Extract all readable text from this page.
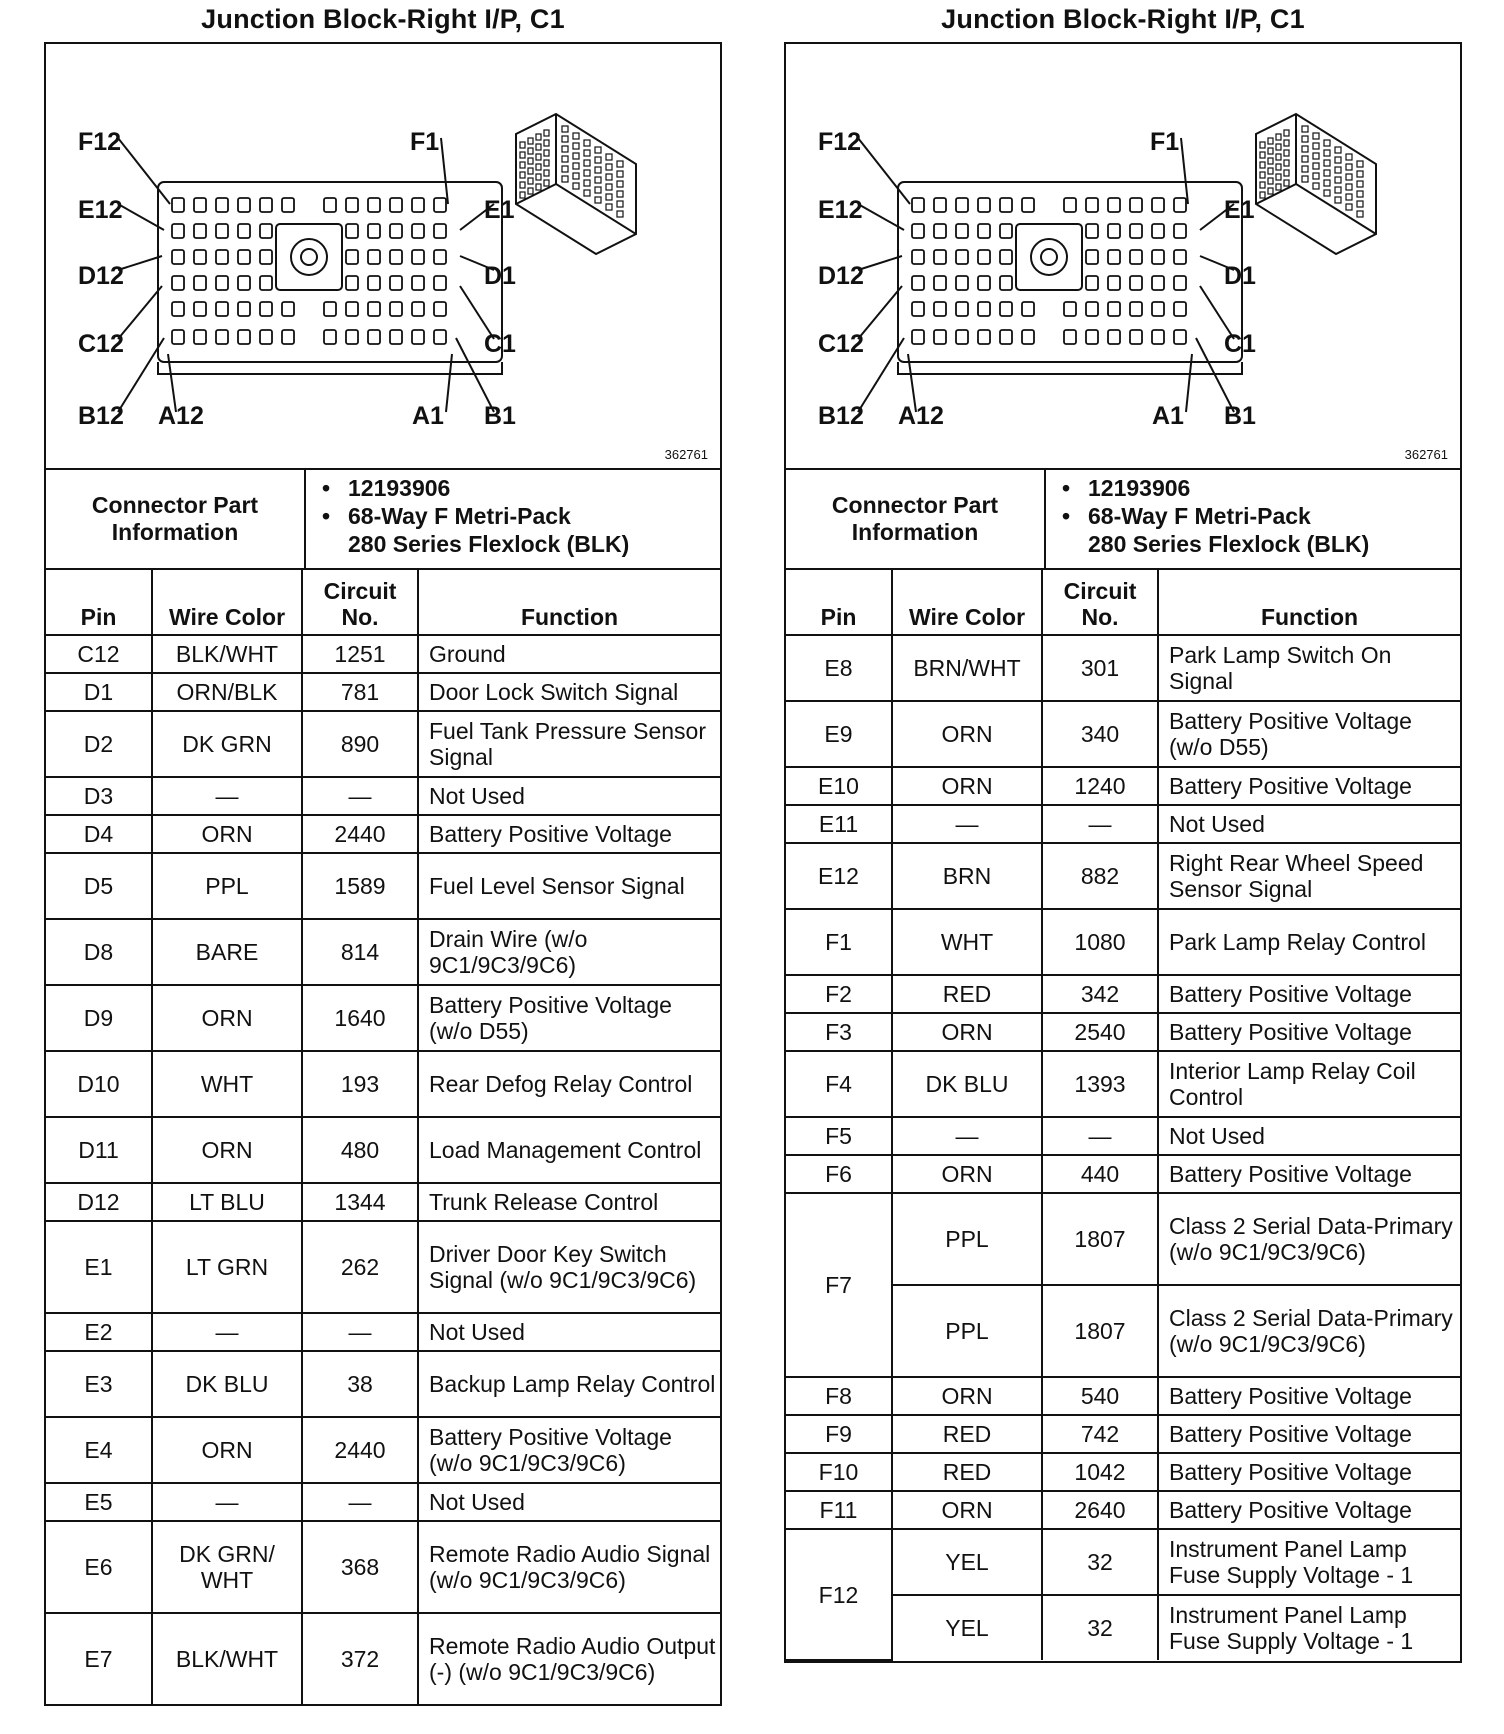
Junction Block-Right I/P, C1
F12	F1
E12	E1
D12	D1
C12	C1
B12 A12	A1 B1
362761
Connector Part Information
• 12193906
• 68-Way F Metri-Pack
280 Series Flexlock (BLK)
Pin	Wire Color	Circuit No.	Function
C12	BLK/WHT	1251	Ground
D1	ORN/BLK	781	Door Lock Switch Signal
D2	DK GRN	890	Fuel Tank Pressure Sensor Signal
D3	—	—	Not Used
D4	ORN	2440	Battery Positive Voltage
D5	PPL	1589	Fuel Level Sensor Signal
D8	BARE	814	Drain Wire (w/o 9C1/9C3/9C6)
D9	ORN	1640	Battery Positive Voltage (w/o D55)
D10	WHT	193	Rear Defog Relay Control
D11	ORN	480	Load Management Control
D12	LT BLU	1344	Trunk Release Control
E1	LT GRN	262	Driver Door Key Switch Signal (w/o 9C1/9C3/9C6)
E2	—	—	Not Used
E3	DK BLU	38	Backup Lamp Relay Control
E4	ORN	2440	Battery Positive Voltage (w/o 9C1/9C3/9C6)
E5	—	—	Not Used
E6	DK GRN/ WHT	368	Remote Radio Audio Signal (w/o 9C1/9C3/9C6)
E7	BLK/WHT	372	Remote Radio Audio Output (-) (w/o 9C1/9C3/9C6)
Junction Block-Right I/P, C1
F12	F1
E12	E1
D12	D1
C12	C1
B12 A12	A1 B1
362761
Connector Part Information
• 12193906
• 68-Way F Metri-Pack
280 Series Flexlock (BLK)
Pin	Wire Color	Circuit No.	Function
E8	BRN/WHT	301	Park Lamp Switch On Signal
E9	ORN	340	Battery Positive Voltage (w/o D55)
E10	ORN	1240	Battery Positive Voltage
E11	—	—	Not Used
E12	BRN	882	Right Rear Wheel Speed Sensor Signal
F1	WHT	1080	Park Lamp Relay Control
F2	RED	342	Battery Positive Voltage
F3	ORN	2540	Battery Positive Voltage
F4	DK BLU	1393	Interior Lamp Relay Coil Control
F5	—	—	Not Used
F6	ORN	440	Battery Positive Voltage
F7	PPL	1807	Class 2 Serial Data-Primary (w/o 9C1/9C3/9C6)
	PPL	1807	Class 2 Serial Data-Primary (w/o 9C1/9C3/9C6)
F8	ORN	540	Battery Positive Voltage
F9	RED	742	Battery Positive Voltage
F10	RED	1042	Battery Positive Voltage
F11	ORN	2640	Battery Positive Voltage
F12	YEL	32	Instrument Panel Lamp Fuse Supply Voltage - 1
	YEL	32	Instrument Panel Lamp Fuse Supply Voltage - 1
